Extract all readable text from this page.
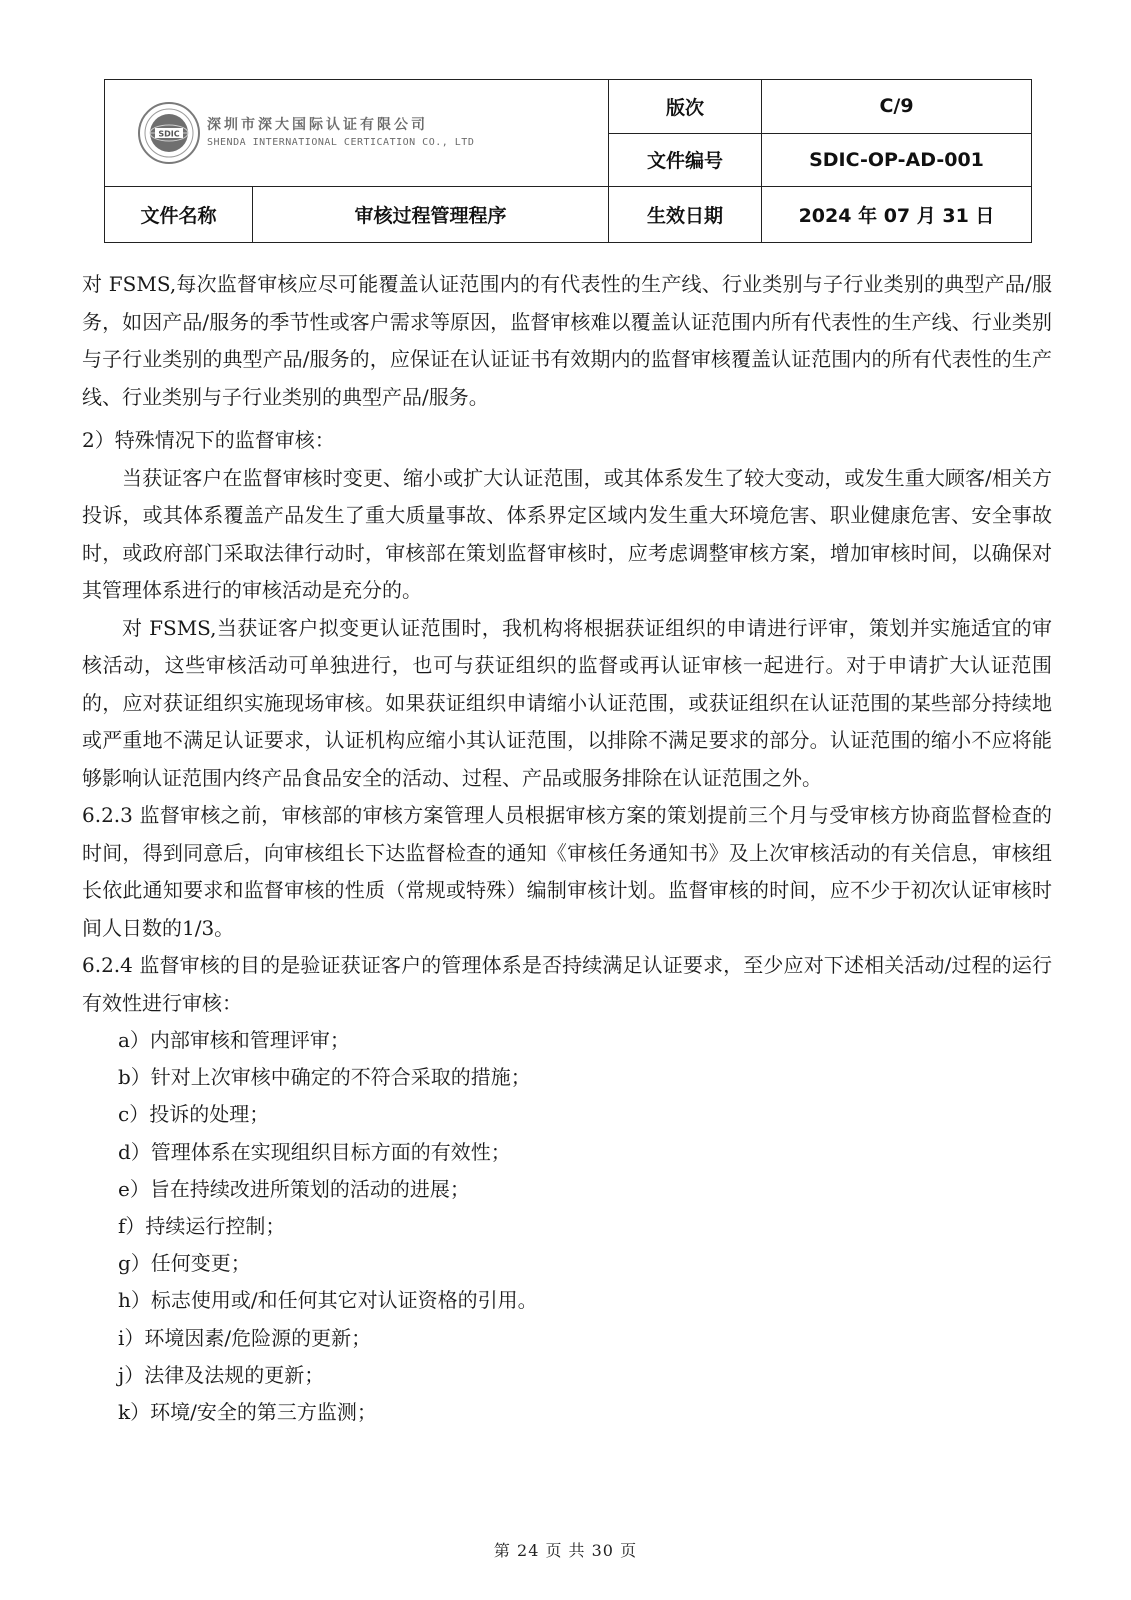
SDIC
深圳市深大国际认证有限公司
SHENDA INTERNATIONAL CERTICATION CO., LTD		版次	C/9
		文件编号	SDIC-OP-AD-001
文件名称	审核过程管理程序	生效日期	2024 年 07 月 31 日

对 FSMS,每次监督审核应尽可能覆盖认证范围内的有代表性的生产线、行业类别与子行业类别的典型产品/服务，如因产品/服务的季节性或客户需求等原因，监督审核难以覆盖认证范围内所有代表性的生产线、行业类别与子行业类别的典型产品/服务的，应保证在认证证书有效期内的监督审核覆盖认证范围内的所有代表性的生产线、行业类别与子行业类别的典型产品/服务。

2）特殊情况下的监督审核：

当获证客户在监督审核时变更、缩小或扩大认证范围，或其体系发生了较大变动，或发生重大顾客/相关方投诉，或其体系覆盖产品发生了重大质量事故、体系界定区域内发生重大环境危害、职业健康危害、安全事故时，或政府部门采取法律行动时，审核部在策划监督审核时，应考虑调整审核方案，增加审核时间，以确保对其管理体系进行的审核活动是充分的。

对 FSMS,当获证客户拟变更认证范围时，我机构将根据获证组织的申请进行评审，策划并实施适宜的审核活动，这些审核活动可单独进行，也可与获证组织的监督或再认证审核一起进行。对于申请扩大认证范围的，应对获证组织实施现场审核。如果获证组织申请缩小认证范围，或获证组织在认证范围的某些部分持续地或严重地不满足认证要求，认证机构应缩小其认证范围，以排除不满足要求的部分。认证范围的缩小不应将能够影响认证范围内终产品食品安全的活动、过程、产品或服务排除在认证范围之外。

6.2.3 监督审核之前，审核部的审核方案管理人员根据审核方案的策划提前三个月与受审核方协商监督检查的时间，得到同意后，向审核组长下达监督检查的通知《审核任务通知书》及上次审核活动的有关信息，审核组长依此通知要求和监督审核的性质（常规或特殊）编制审核计划。监督审核的时间，应不少于初次认证审核时间人日数的1/3。

6.2.4 监督审核的目的是验证获证客户的管理体系是否持续满足认证要求，至少应对下述相关活动/过程的运行有效性进行审核：

a）内部审核和管理评审；
b）针对上次审核中确定的不符合采取的措施；
c）投诉的处理；
d）管理体系在实现组织目标方面的有效性；
e）旨在持续改进所策划的活动的进展；
f）持续运行控制；
g）任何变更；
h）标志使用或/和任何其它对认证资格的引用。
i）环境因素/危险源的更新；
j）法律及法规的更新；
k）环境/安全的第三方监测；
第 24 页 共 30 页
